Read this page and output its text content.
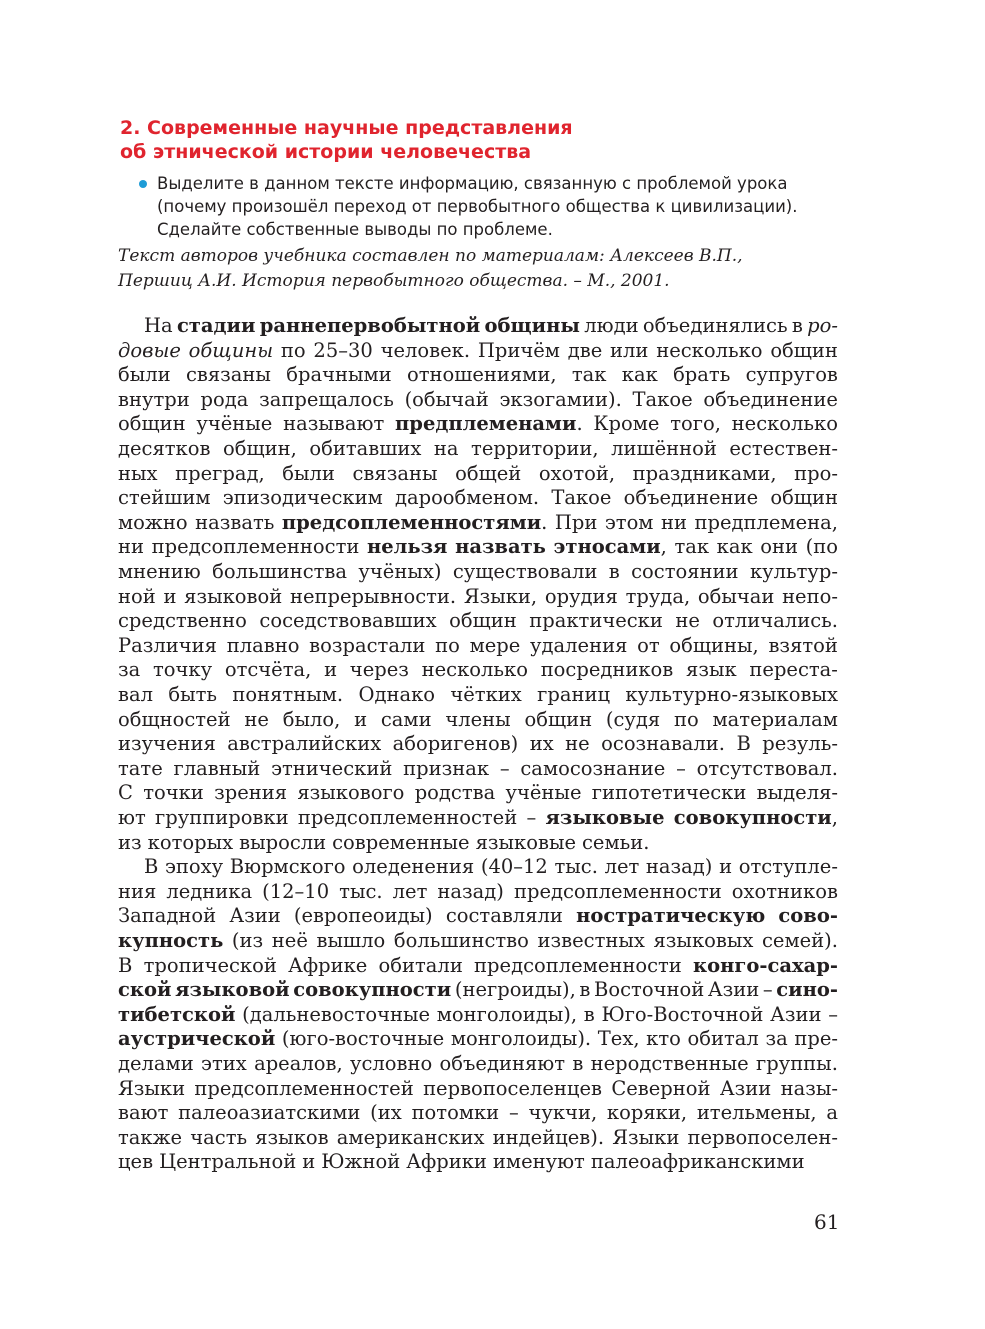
2. Современные научные представления
об этнической истории человечества
Выделите в данном тексте информацию, связанную с проблемой урока
(почему произошёл переход от первобытного общества к цивилизации).
Сделайте собственные выводы по проблеме.
Текст авторов учебника составлен по материалам: Алексеев В.П.,
Першиц А.И. История первобытного общества. – М., 2001.
На стадии раннепервобытной общины люди объединялись в ро-
довые общины по 25–30 человек. Причём две или несколько общин
были связаны брачными отношениями, так как брать супругов
внутри рода запрещалось (обычай экзогамии). Такое объединение
общин учёные называют предплеменами. Кроме того, несколько
десятков общин, обитавших на территории, лишённой естествен-
ных преград, были связаны общей охотой, праздниками, про-
стейшим эпизодическим дарообменом. Такое объединение общин
можно назвать предсоплеменностями. При этом ни предплемена,
ни предсоплеменности нельзя назвать этносами, так как они (по
мнению большинства учёных) существовали в состоянии культур-
ной и языковой непрерывности. Языки, орудия труда, обычаи непо-
средственно соседствовавших общин практически не отличались.
Различия плавно возрастали по мере удаления от общины, взятой
за точку отсчёта, и через несколько посредников язык переста-
вал быть понятным. Однако чётких границ культурно-языковых
общностей не было, и сами члены общин (судя по материалам
изучения австралийских аборигенов) их не осознавали. В резуль-
тате главный этнический признак – самосознание – отсутствовал.
С точки зрения языкового родства учёные гипотетически выделя-
ют группировки предсоплеменностей – языковые совокупности,
из которых выросли современные языковые семьи.
В эпоху Вюрмского оледенения (40–12 тыс. лет назад) и отступле-
ния ледника (12–10 тыс. лет назад) предсоплеменности охотников
Западной Азии (европеоиды) составляли ностратическую сово-
купность (из неё вышло большинство известных языковых семей).
В тропической Африке обитали предсоплеменности конго-сахар-
ской языковой совокупности (негроиды), в Восточной Азии – сино-
тибетской (дальневосточные монголоиды), в Юго-Восточной Азии –
аустрической (юго-восточные монголоиды). Тех, кто обитал за пре-
делами этих ареалов, условно объединяют в неродственные группы.
Языки предсоплеменностей первопоселенцев Северной Азии назы-
вают палеоазиатскими (их потомки – чукчи, коряки, ительмены, а
также часть языков американских индейцев). Языки первопоселен-
цев Центральной и Южной Африки именуют палеоафриканскими
61
